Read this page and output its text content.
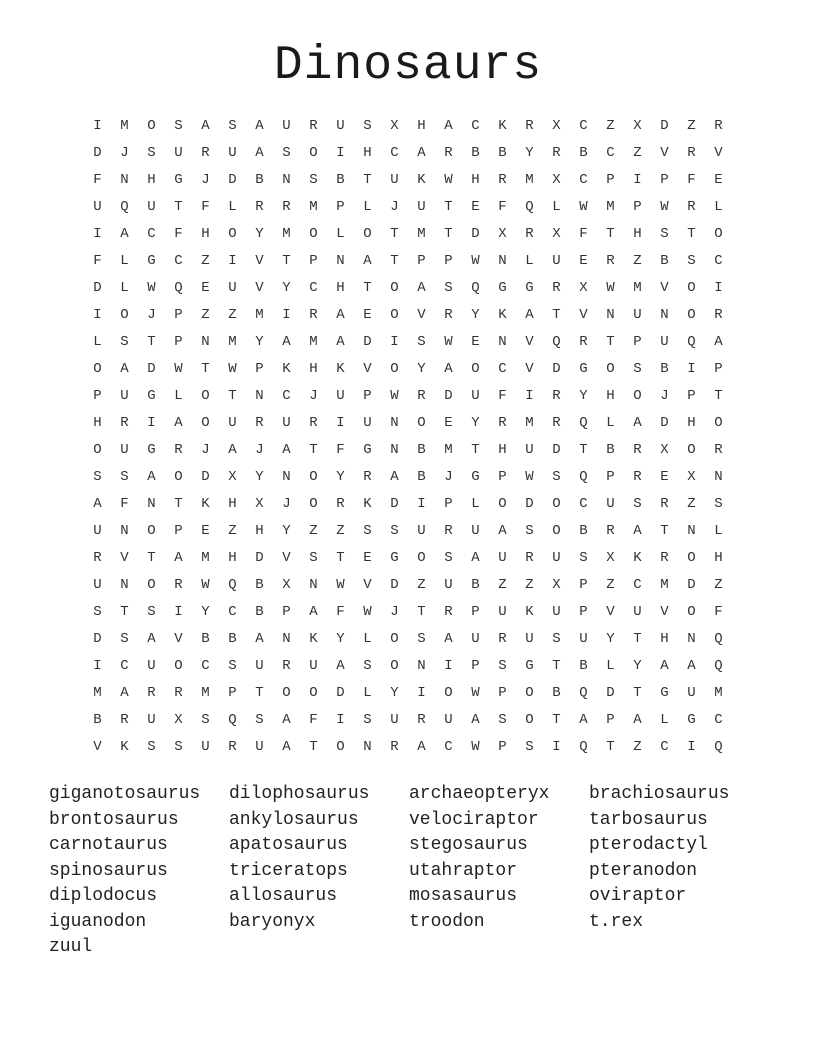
Dinosaurs
I	M	O	S	A	S	A	U	R	U	S	X	H	A	C	K	R	X	C	Z	X	D	Z	R
D	J	S	U	R	U	A	S	O	I	H	C	A	R	B	B	Y	R	B	C	Z	V	R	V
F	N	H	G	J	D	B	N	S	B	T	U	K	W	H	R	M	X	C	P	I	P	F	E
U	Q	U	T	F	L	R	R	M	P	L	J	U	T	E	F	Q	L	W	M	P	W	R	L
I	A	C	F	H	O	Y	M	O	L	O	T	M	T	D	X	R	X	F	T	H	S	T	O
F	L	G	C	Z	I	V	T	P	N	A	T	P	P	W	N	L	U	E	R	Z	B	S	C
D	L	W	Q	E	U	V	Y	C	H	T	O	A	S	Q	G	G	R	X	W	M	V	O	I
I	O	J	P	Z	Z	M	I	R	A	E	O	V	R	Y	K	A	T	V	N	U	N	O	R
L	S	T	P	N	M	Y	A	M	A	D	I	S	W	E	N	V	Q	R	T	P	U	Q	A
O	A	D	W	T	W	P	K	H	K	V	O	Y	A	O	C	V	D	G	O	S	B	I	P
P	U	G	L	O	T	N	C	J	U	P	W	R	D	U	F	I	R	Y	H	O	J	P	T
H	R	I	A	O	U	R	U	R	I	U	N	O	E	Y	R	M	R	Q	L	A	D	H	O
O	U	G	R	J	A	J	A	T	F	G	N	B	M	T	H	U	D	T	B	R	X	O	R
S	S	A	O	D	X	Y	N	O	Y	R	A	B	J	G	P	W	S	Q	P	R	E	X	N
A	F	N	T	K	H	X	J	O	R	K	D	I	P	L	O	D	O	C	U	S	R	Z	S
U	N	O	P	E	Z	H	Y	Z	Z	S	S	U	R	U	A	S	O	B	R	A	T	N	L
R	V	T	A	M	H	D	V	S	T	E	G	O	S	A	U	R	U	S	X	K	R	O	H
U	N	O	R	W	Q	B	X	N	W	V	D	Z	U	B	Z	Z	X	P	Z	C	M	D	Z
S	T	S	I	Y	C	B	P	A	F	W	J	T	R	P	U	K	U	P	V	U	V	O	F
D	S	A	V	B	B	A	N	K	Y	L	O	S	A	U	R	U	S	U	Y	T	H	N	Q
I	C	U	O	C	S	U	R	U	A	S	O	N	I	P	S	G	T	B	L	Y	A	A	Q
M	A	R	R	M	P	T	O	O	D	L	Y	I	O	W	P	O	B	Q	D	T	G	U	M
B	R	U	X	S	Q	S	A	F	I	S	U	R	U	A	S	O	T	A	P	A	L	G	C
V	K	S	S	U	R	U	A	T	O	N	R	A	C	W	P	S	I	Q	T	Z	C	I	Q
giganotosaurus	dilophosaurus	archaeopteryx	brachiosaurus
brontosaurus	ankylosaurus	velociraptor	tarbosaurus
carnotaurus	apatosaurus	stegosaurus	pterodactyl
spinosaurus	triceratops	utahraptor	pteranodon
diplodocus	allosaurus	mosasaurus	oviraptor
iguanodon	baryonyx	troodon	t.rex
zuul
